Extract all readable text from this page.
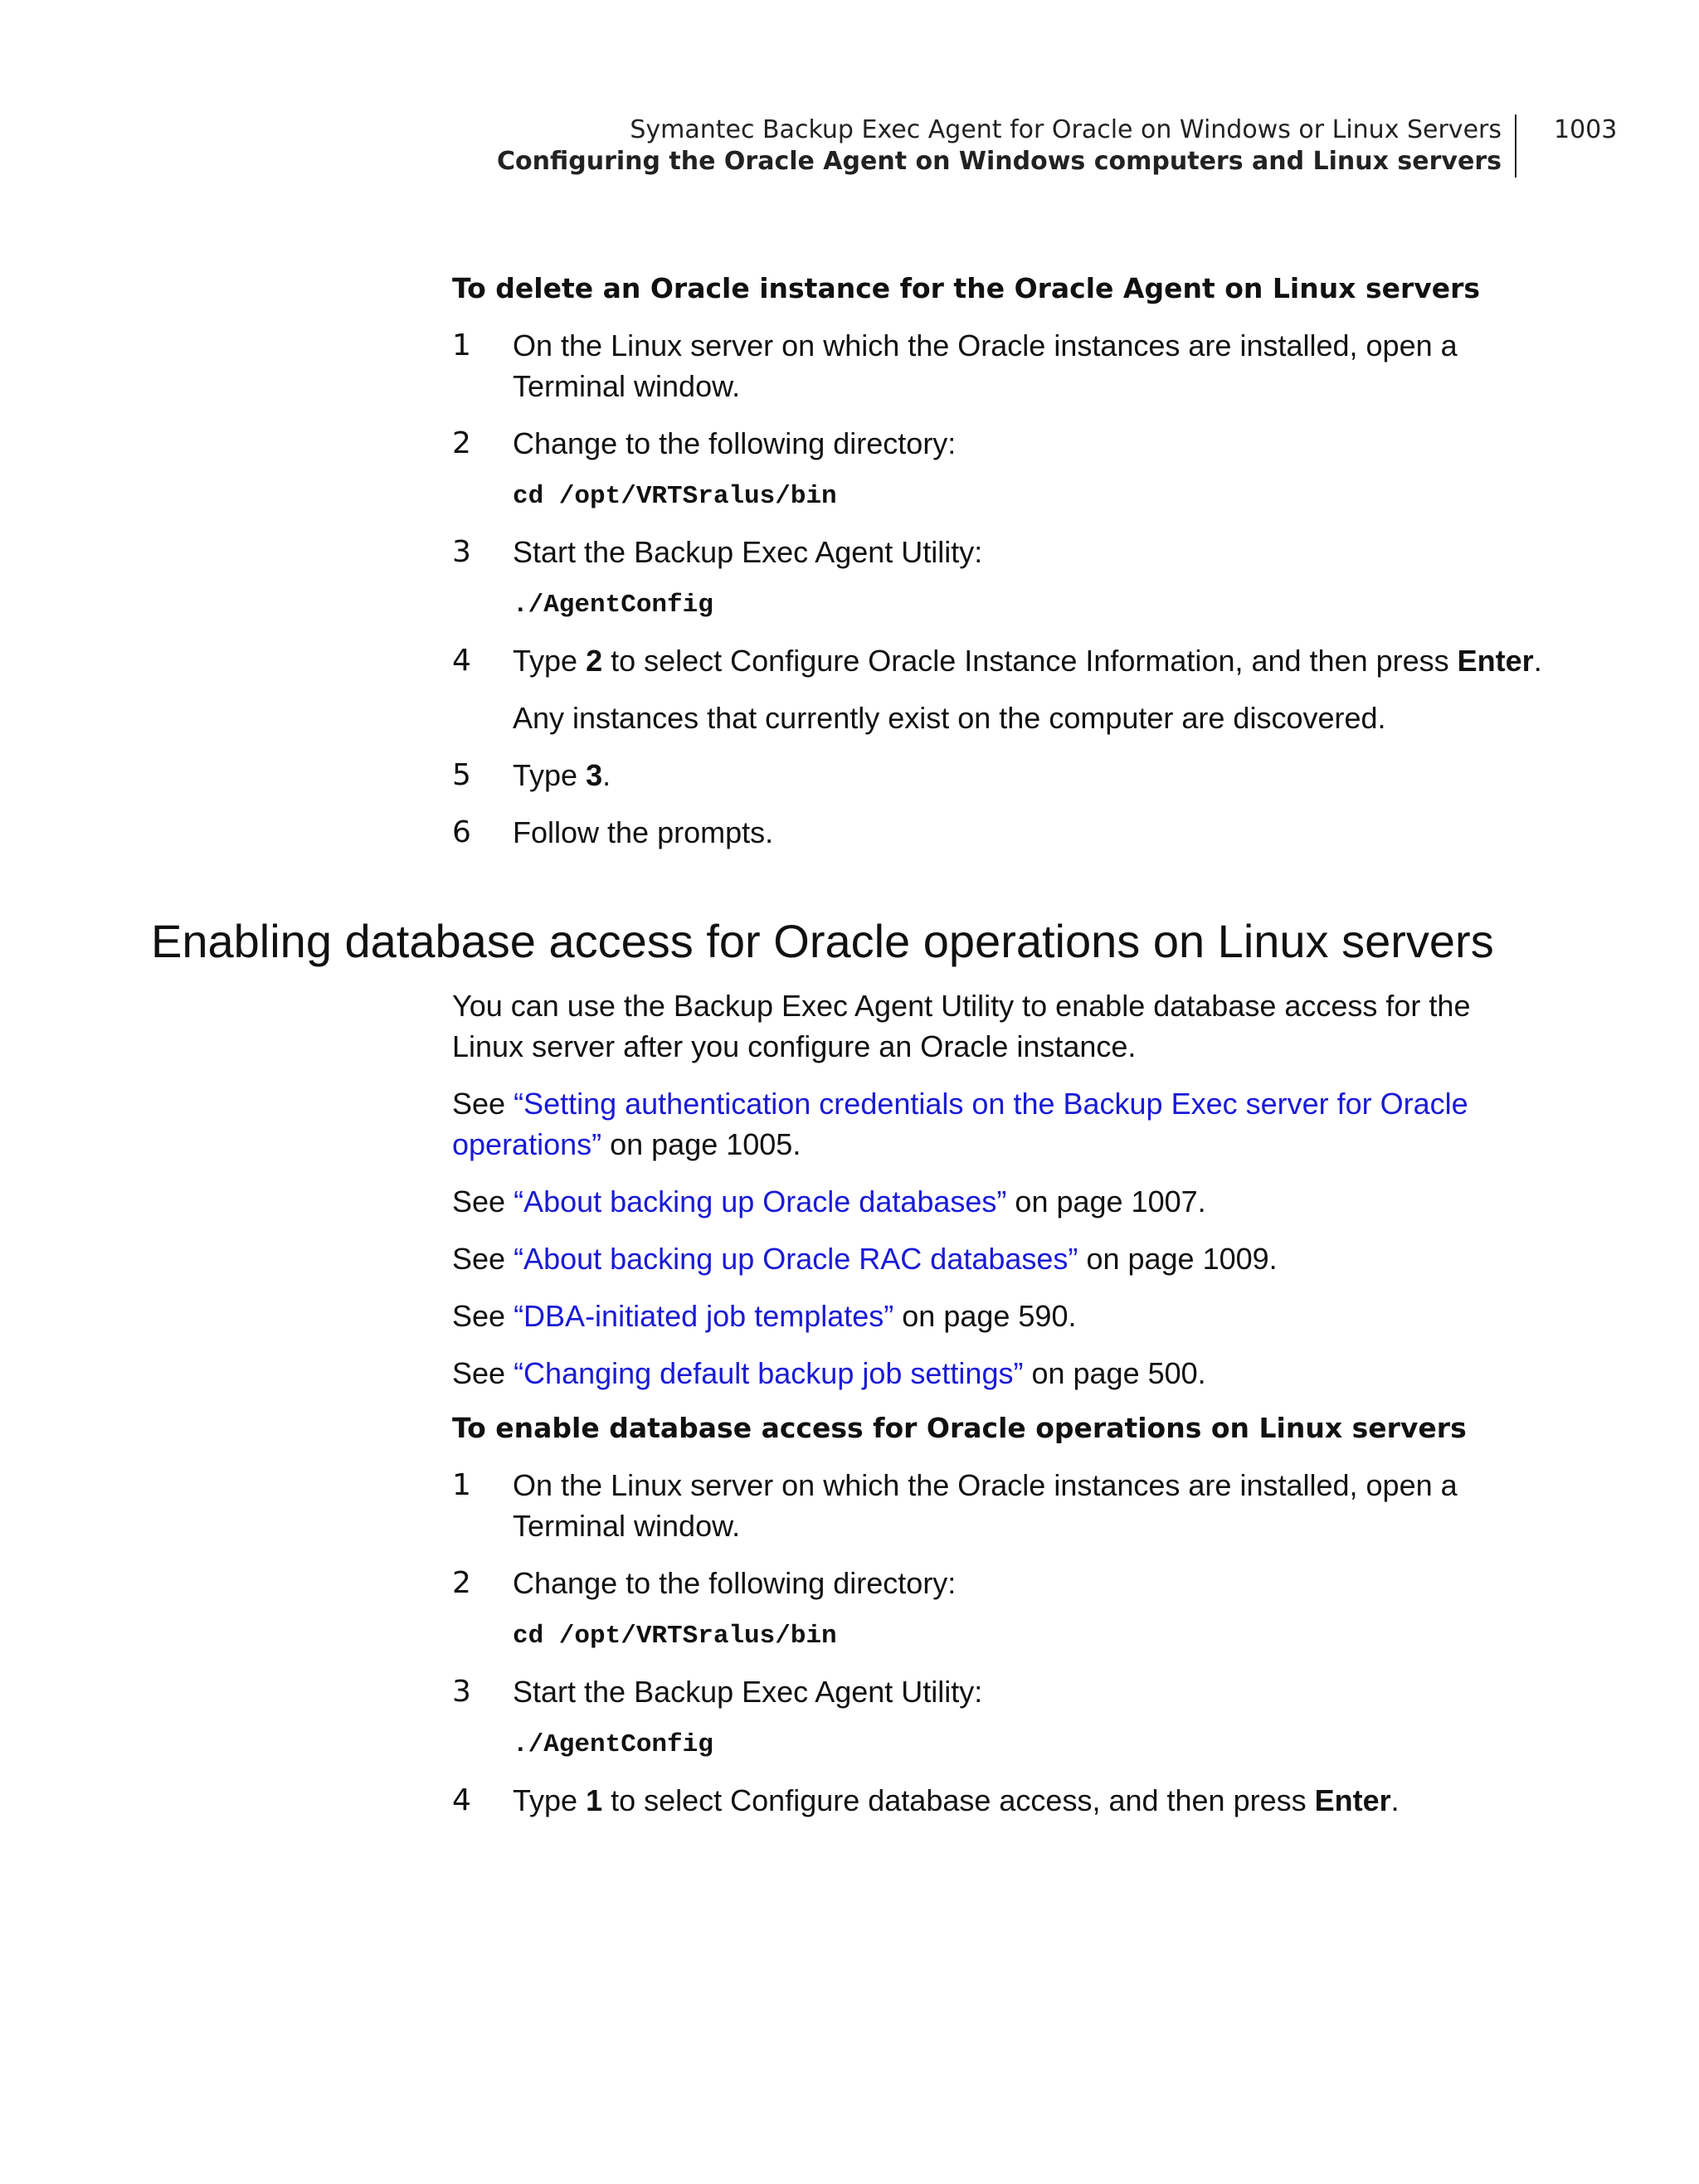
Symantec Backup Exec Agent for Oracle on Windows or Linux Servers
Configuring the Oracle Agent on Windows computers and Linux servers
1003
To delete an Oracle instance for the Oracle Agent on Linux servers
1 On the Linux server on which the Oracle instances are installed, open a Terminal window.
2 Change to the following directory:
cd /opt/VRTSralus/bin
3 Start the Backup Exec Agent Utility:
./AgentConfig
4 Type 2 to select Configure Oracle Instance Information, and then press Enter.
Any instances that currently exist on the computer are discovered.
5 Type 3.
6 Follow the prompts.
Enabling database access for Oracle operations on Linux servers
You can use the Backup Exec Agent Utility to enable database access for the Linux server after you configure an Oracle instance.
See “Setting authentication credentials on the Backup Exec server for Oracle operations” on page 1005.
See “About backing up Oracle databases” on page 1007.
See “About backing up Oracle RAC databases” on page 1009.
See “DBA-initiated job templates” on page 590.
See “Changing default backup job settings” on page 500.
To enable database access for Oracle operations on Linux servers
1 On the Linux server on which the Oracle instances are installed, open a Terminal window.
2 Change to the following directory:
cd /opt/VRTSralus/bin
3 Start the Backup Exec Agent Utility:
./AgentConfig
4 Type 1 to select Configure database access, and then press Enter.
